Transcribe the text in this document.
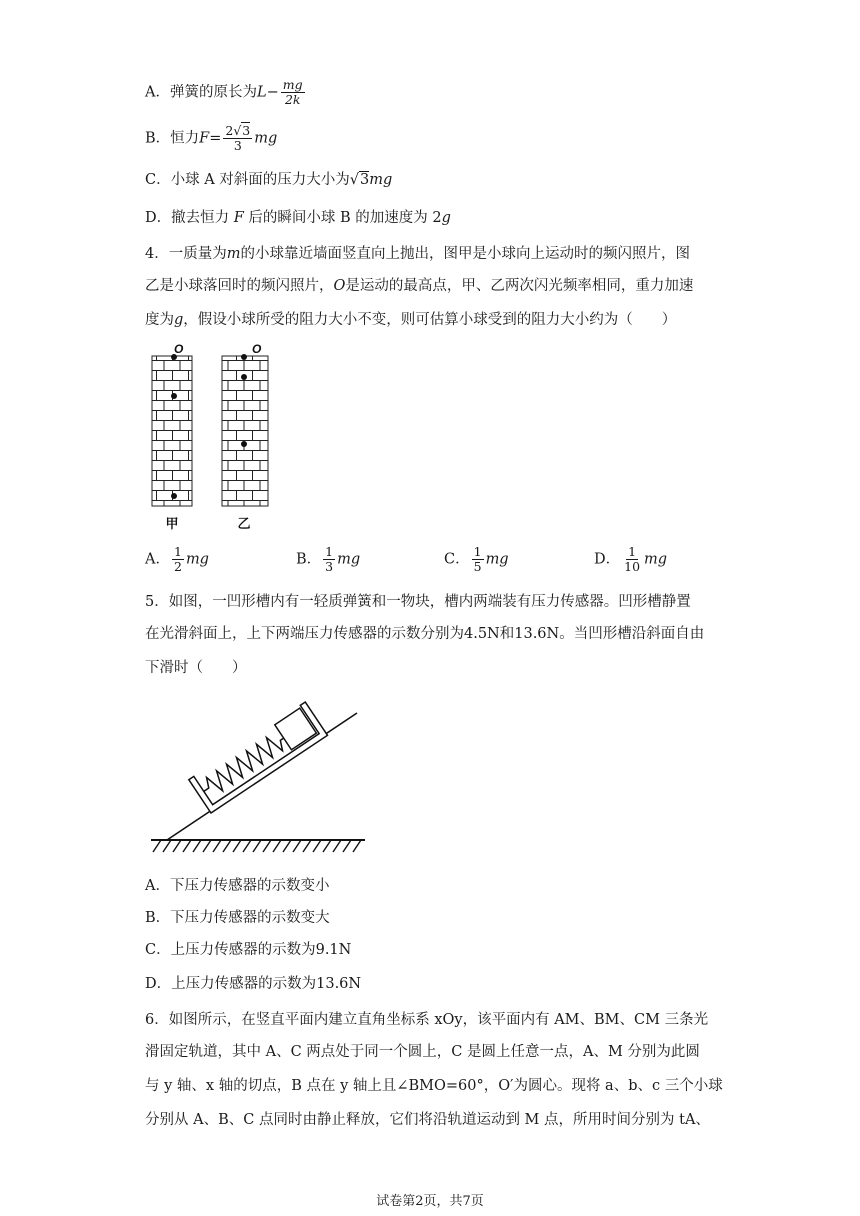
A．弹簧的原长为$L- \frac{mg}{2k}$
B．恒力$F= \frac{2√3}{3}$ mg
C．小球 A 对斜面的压力大小为√3mg
D．撤去恒力 F 后的瞬间小球 B 的加速度为 2g
4．一质量为m的小球靠近墙面竖直向上抛出，图甲是小球向上运动时的频闪照片，图
乙是小球落回时的频闪照片，O是运动的最高点，甲、乙两次闪光频率相同，重力加速
度为g，假设小球所受的阻力大小不变，则可估算小球受到的阻力大小约为（　　）
O	O
甲	乙
A． $\frac{1}{2}$ mg	B． $\frac{1}{3}$ mg	C． $\frac{1}{5}$ mg	D． $\frac{1}{10}$ mg
5．如图，一凹形槽内有一轻质弹簧和一物块，槽内两端装有压力传感器。凹形槽静置
在光滑斜面上，上下两端压力传感器的示数分别为4.5N和13.6N。当凹形槽沿斜面自由
下滑时（　　）
A．下压力传感器的示数变小
B．下压力传感器的示数变大
C．上压力传感器的示数为9.1N
D．上压力传感器的示数为13.6N
6．如图所示，在竖直平面内建立直角坐标系 xOy，该平面内有 AM、BM、CM 三条光
滑固定轨道，其中 A、C 两点处于同一个圆上，C 是圆上任意一点，A、M 分别为此圆
与 y 轴、x 轴的切点，B 点在 y 轴上且∠BMO=60°，O′为圆心。现将 a、b、c 三个小球
分别从 A、B、C 点同时由静止释放，它们将沿轨道运动到 M 点，所用时间分别为 tA、
试卷第2页，共7页
